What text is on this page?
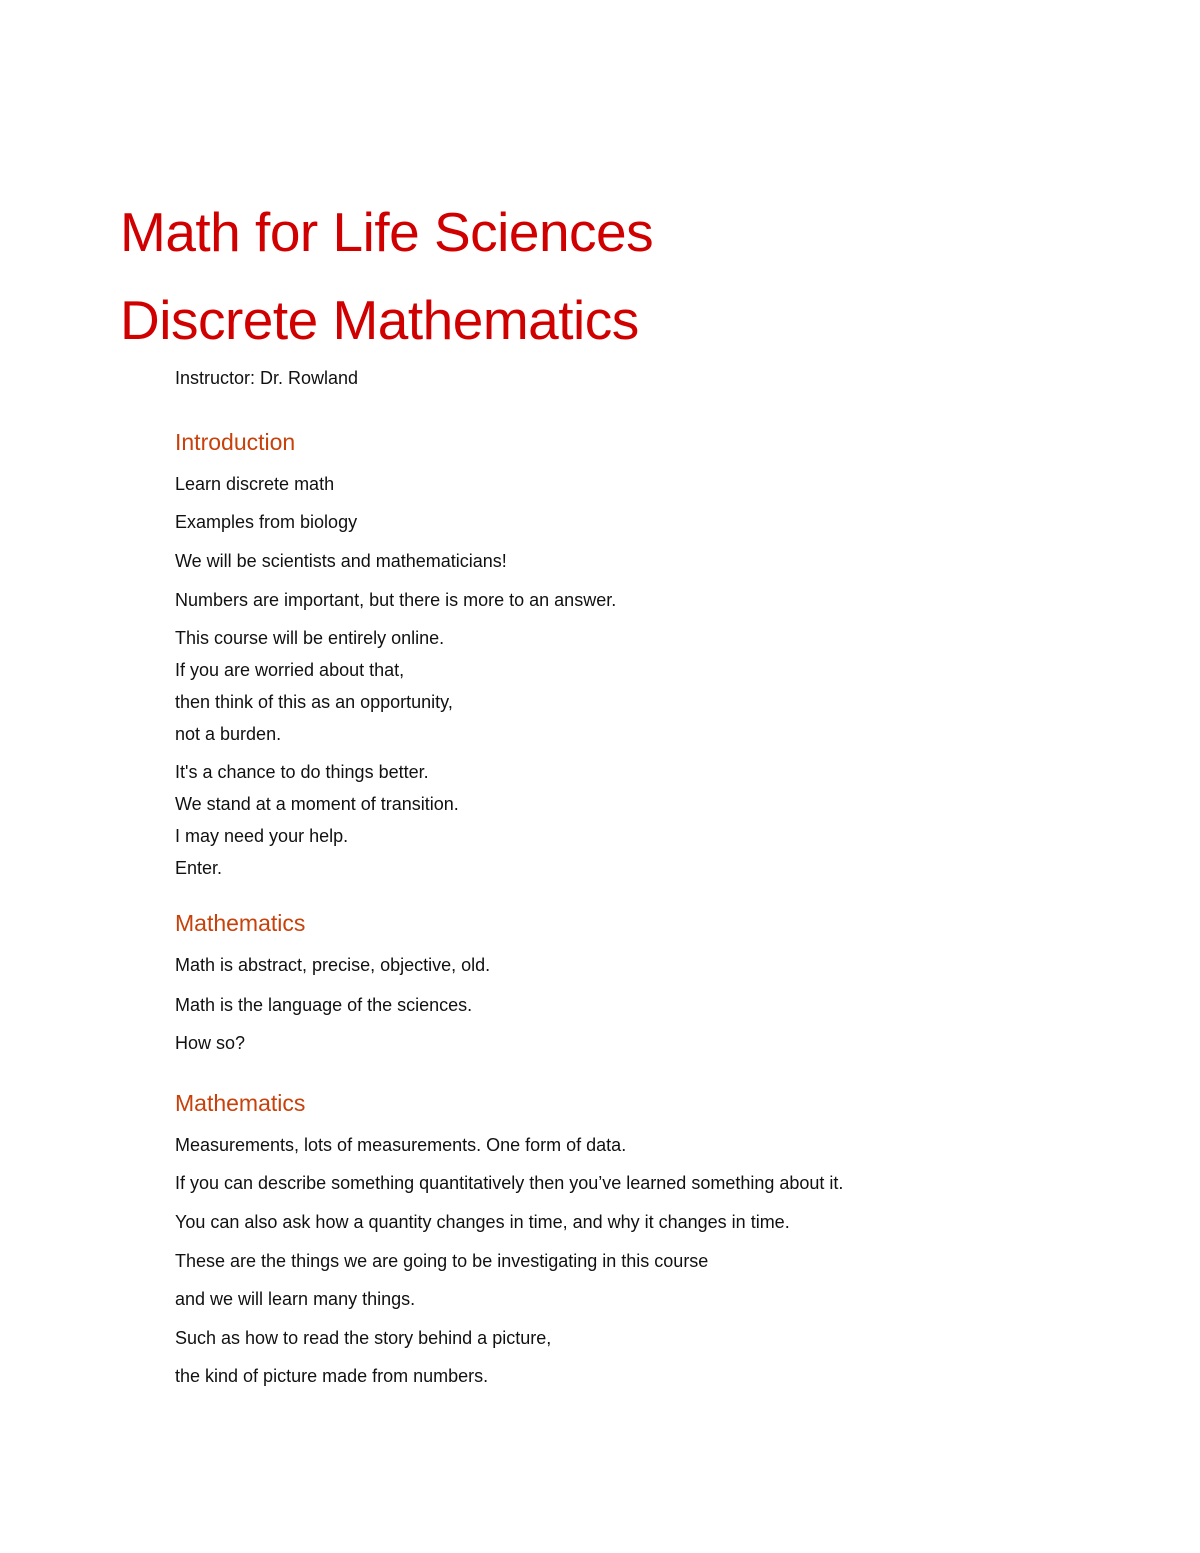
Math for Life Sciences
Discrete Mathematics
Instructor: Dr. Rowland
Introduction
Learn discrete math
Examples from biology
We will be scientists and mathematicians!
Numbers are important, but there is more to an answer.
This course will be entirely online.
If you are worried about that,
then think of this as an opportunity,
not a burden.
It's a chance to do things better.
We stand at a moment of transition.
I may need your help.
Enter.
Mathematics
Math is abstract, precise, objective, old.
Math is the language of the sciences.
How so?
Mathematics
Measurements, lots of measurements. One form of data.
If you can describe something quantitatively then you’ve learned something about it.
You can also ask how a quantity changes in time, and why it changes in time.
These are the things we are going to be investigating in this course
and we will learn many things.
Such as how to read the story behind a picture,
the kind of picture made from numbers.
